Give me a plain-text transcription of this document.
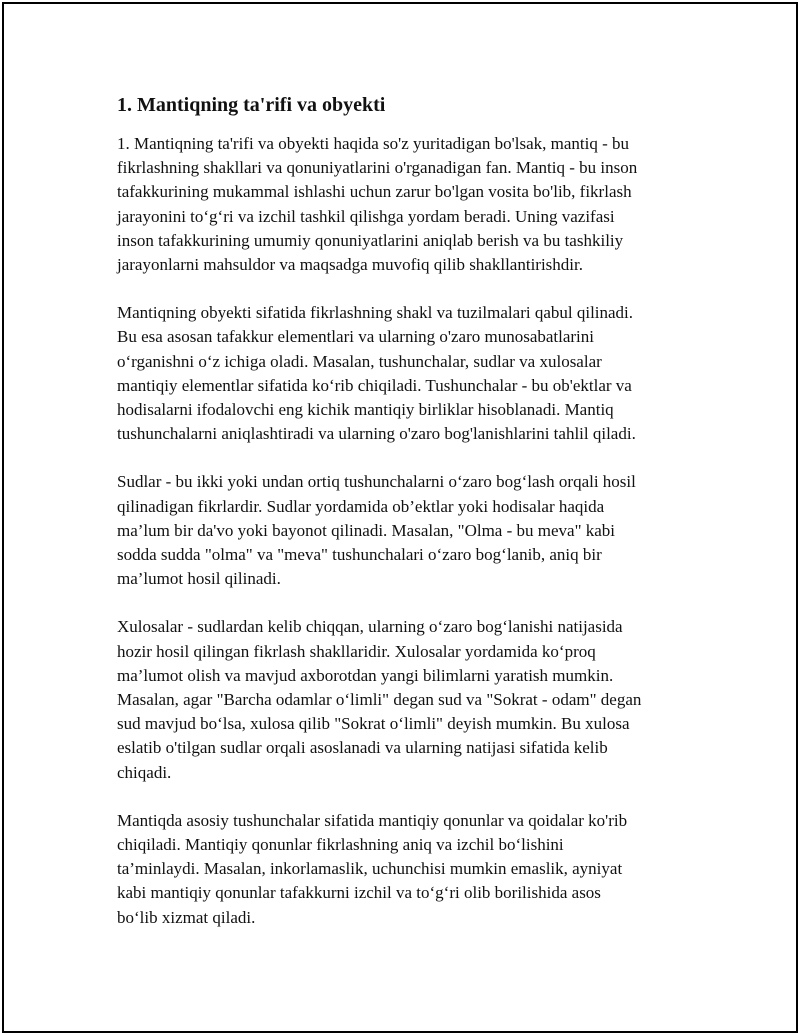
1. Mantiqning ta'rifi va obyekti

1. Mantiqning ta'rifi va obyekti haqida so'z yuritadigan bo'lsak, mantiq - bu
fikrlashning shakllari va qonuniyatlarini o'rganadigan fan. Mantiq - bu inson
tafakkurining mukammal ishlashi uchun zarur bo'lgan vosita bo'lib, fikrlash
jarayonini to‘g‘ri va izchil tashkil qilishga yordam beradi. Uning vazifasi
inson tafakkurining umumiy qonuniyatlarini aniqlab berish va bu tashkiliy
jarayonlarni mahsuldor va maqsadga muvofiq qilib shakllantirishdir.

Mantiqning obyekti sifatida fikrlashning shakl va tuzilmalari qabul qilinadi.
Bu esa asosan tafakkur elementlari va ularning o'zaro munosabatlarini
o‘rganishni o‘z ichiga oladi. Masalan, tushunchalar, sudlar va xulosalar
mantiqiy elementlar sifatida ko‘rib chiqiladi. Tushunchalar - bu ob'ektlar va
hodisalarni ifodalovchi eng kichik mantiqiy birliklar hisoblanadi. Mantiq
tushunchalarni aniqlashtiradi va ularning o'zaro bog'lanishlarini tahlil qiladi.

Sudlar - bu ikki yoki undan ortiq tushunchalarni o‘zaro bog‘lash orqali hosil
qilinadigan fikrlardir. Sudlar yordamida ob’ektlar yoki hodisalar haqida
ma’lum bir da'vo yoki bayonot qilinadi. Masalan, "Olma - bu meva" kabi
sodda sudda "olma" va "meva" tushunchalari o‘zaro bog‘lanib, aniq bir
ma’lumot hosil qilinadi.

Xulosalar - sudlardan kelib chiqqan, ularning o‘zaro bog‘lanishi natijasida
hozir hosil qilingan fikrlash shakllaridir. Xulosalar yordamida ko‘proq
ma’lumot olish va mavjud axborotdan yangi bilimlarni yaratish mumkin.
Masalan, agar "Barcha odamlar o‘limli" degan sud va "Sokrat - odam" degan
sud mavjud bo‘lsa, xulosa qilib "Sokrat o‘limli" deyish mumkin. Bu xulosa
eslatib o'tilgan sudlar orqali asoslanadi va ularning natijasi sifatida kelib
chiqadi.

Mantiqda asosiy tushunchalar sifatida mantiqiy qonunlar va qoidalar ko'rib
chiqiladi. Mantiqiy qonunlar fikrlashning aniq va izchil bo‘lishini
ta’minlaydi. Masalan, inkorlamaslik, uchunchisi mumkin emaslik, ayniyat
kabi mantiqiy qonunlar tafakkurni izchil va to‘g‘ri olib borilishida asos
bo‘lib xizmat qiladi.
